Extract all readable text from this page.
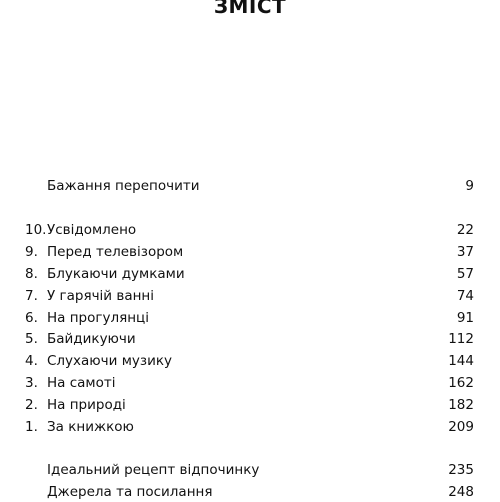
ЗМІСТ
Бажання перепочити	9
10. Усвідомлено	22
9. Перед телевізором	37
8. Блукаючи думками	57
7. У гарячій ванні	74
6. На прогулянці	91
5. Байдикуючи	112
4. Слухаючи музику	144
3. На самоті	162
2. На природі	182
1. За книжкою	209
Ідеальний рецепт відпочинку	235
Джерела та посилання	248
